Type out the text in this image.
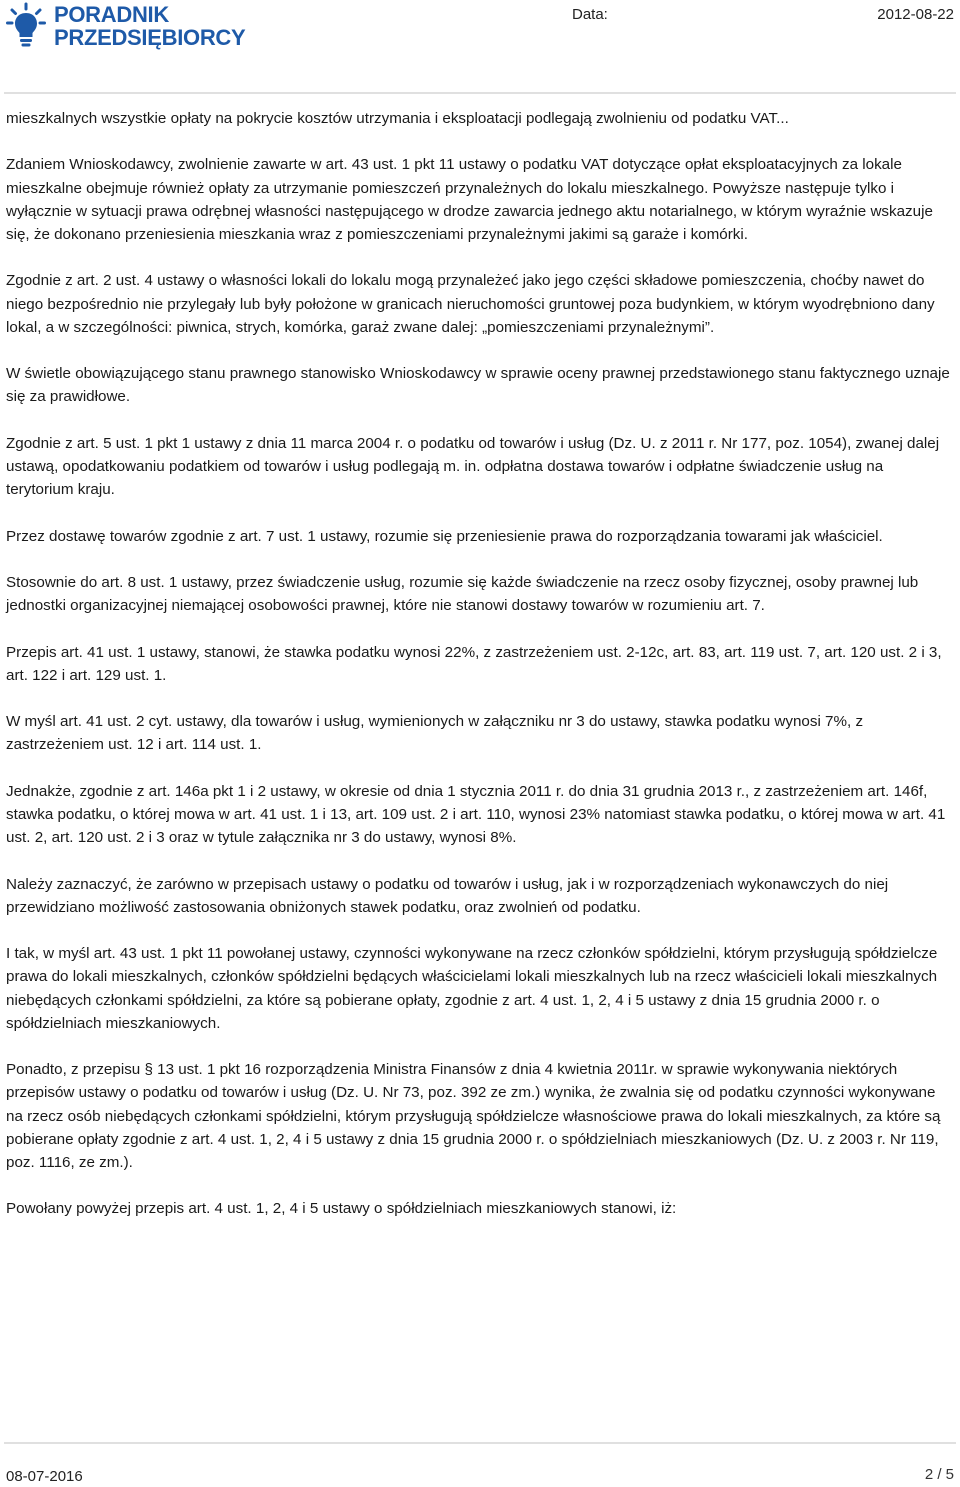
PORADNIK
PRZEDSIĘBIORCY
Data:	2012-08-22

mieszkalnych wszystkie opłaty na pokrycie kosztów utrzymania i eksploatacji podlegają zwolnieniu od podatku VAT...

Zdaniem Wnioskodawcy, zwolnienie zawarte w art. 43 ust. 1 pkt 11 ustawy o podatku VAT dotyczące opłat eksploatacyjnych za lokale mieszkalne obejmuje również opłaty za utrzymanie pomieszczeń przynależnych do lokalu mieszkalnego. Powyższe następuje tylko i wyłącznie w sytuacji prawa odrębnej własności następującego w drodze zawarcia jednego aktu notarialnego, w którym wyraźnie wskazuje się, że dokonano przeniesienia mieszkania wraz z pomieszczeniami przynależnymi jakimi są garaże i komórki.

Zgodnie z art. 2 ust. 4 ustawy o własności lokali do lokalu mogą przynależeć jako jego części składowe pomieszczenia, choćby nawet do niego bezpośrednio nie przylegały lub były położone w granicach nieruchomości gruntowej poza budynkiem, w którym wyodrębniono dany lokal, a w szczególności: piwnica, strych, komórka, garaż zwane dalej: „pomieszczeniami przynależnymi”.

W świetle obowiązującego stanu prawnego stanowisko Wnioskodawcy w sprawie oceny prawnej przedstawionego stanu faktycznego uznaje się za prawidłowe.

Zgodnie z art. 5 ust. 1 pkt 1 ustawy z dnia 11 marca 2004 r. o podatku od towarów i usług (Dz. U. z 2011 r. Nr 177, poz. 1054), zwanej dalej ustawą, opodatkowaniu podatkiem od towarów i usług podlegają m. in. odpłatna dostawa towarów i odpłatne świadczenie usług na terytorium kraju.

Przez dostawę towarów zgodnie z art. 7 ust. 1 ustawy, rozumie się przeniesienie prawa do rozporządzania towarami jak właściciel.

Stosownie do art. 8 ust. 1 ustawy, przez świadczenie usług, rozumie się każde świadczenie na rzecz osoby fizycznej, osoby prawnej lub jednostki organizacyjnej niemającej osobowości prawnej, które nie stanowi dostawy towarów w rozumieniu art. 7.

Przepis art. 41 ust. 1 ustawy, stanowi, że stawka podatku wynosi 22%, z zastrzeżeniem ust. 2-12c, art. 83, art. 119 ust. 7, art. 120 ust. 2 i 3, art. 122 i art. 129 ust. 1.

W myśl art. 41 ust. 2 cyt. ustawy, dla towarów i usług, wymienionych w załączniku nr 3 do ustawy, stawka podatku wynosi 7%, z zastrzeżeniem ust. 12 i art. 114 ust. 1.

Jednakże, zgodnie z art. 146a pkt 1 i 2 ustawy, w okresie od dnia 1 stycznia 2011 r. do dnia 31 grudnia 2013 r., z zastrzeżeniem art. 146f, stawka podatku, o której mowa w art. 41 ust. 1 i 13, art. 109 ust. 2 i art. 110, wynosi 23% natomiast stawka podatku, o której mowa w art. 41 ust. 2, art. 120 ust. 2 i 3 oraz w tytule załącznika nr 3 do ustawy, wynosi 8%.

Należy zaznaczyć, że zarówno w przepisach ustawy o podatku od towarów i usług, jak i w rozporządzeniach wykonawczych do niej przewidziano możliwość zastosowania obniżonych stawek podatku, oraz zwolnień od podatku.

I tak, w myśl art. 43 ust. 1 pkt 11 powołanej ustawy, czynności wykonywane na rzecz członków spółdzielni, którym przysługują spółdzielcze prawa do lokali mieszkalnych, członków spółdzielni będących właścicielami lokali mieszkalnych lub na rzecz właścicieli lokali mieszkalnych niebędących członkami spółdzielni, za które są pobierane opłaty, zgodnie z art. 4 ust. 1, 2, 4 i 5 ustawy z dnia 15 grudnia 2000 r. o spółdzielniach mieszkaniowych.

Ponadto, z przepisu § 13 ust. 1 pkt 16 rozporządzenia Ministra Finansów z dnia 4 kwietnia 2011r. w sprawie wykonywania niektórych przepisów ustawy o podatku od towarów i usług (Dz. U. Nr 73, poz. 392 ze zm.) wynika, że zwalnia się od podatku czynności wykonywane na rzecz osób niebędących członkami spółdzielni, którym przysługują spółdzielcze własnościowe prawa do lokali mieszkalnych, za które są pobierane opłaty zgodnie z art. 4 ust. 1, 2, 4 i 5 ustawy z dnia 15 grudnia 2000 r. o spółdzielniach mieszkaniowych (Dz. U. z 2003 r. Nr 119, poz. 1116, ze zm.).

Powołany powyżej przepis art. 4 ust. 1, 2, 4 i 5 ustawy o spółdzielniach mieszkaniowych stanowi, iż:

08-07-2016	2 / 5
